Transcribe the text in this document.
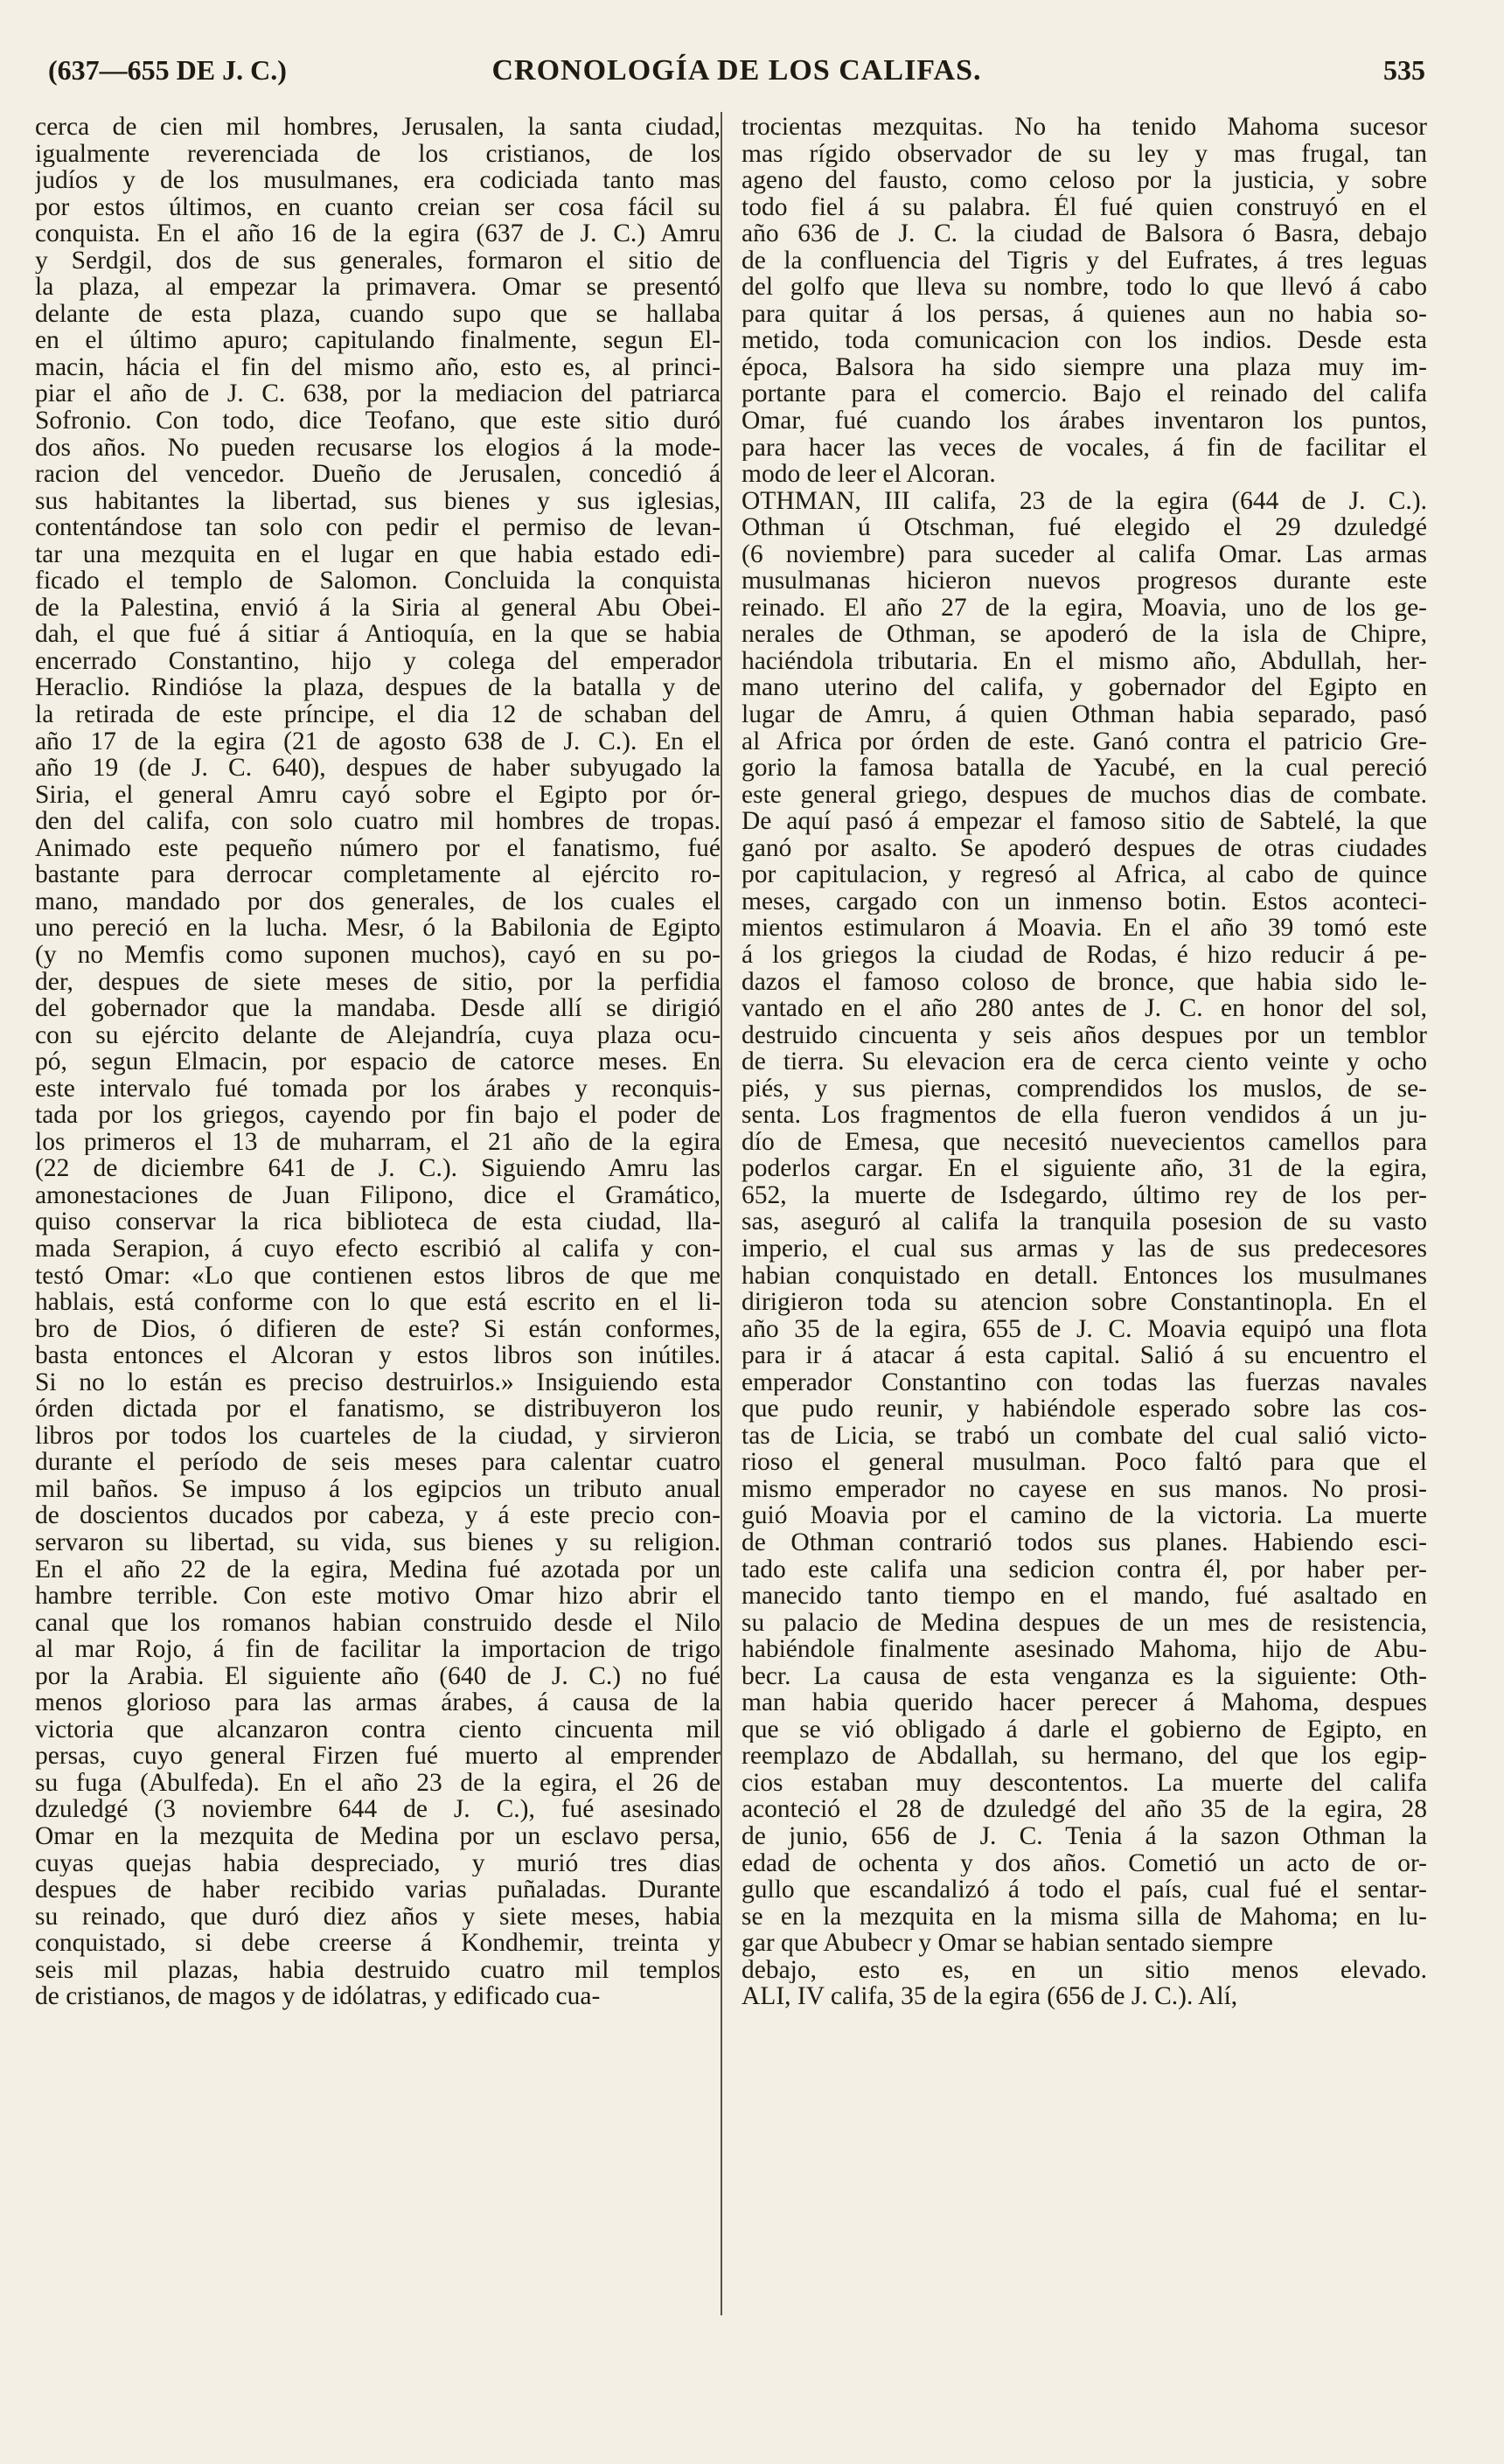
(637—655 DE J. C.)	CRONOLOGÍA DE LOS CALIFAS.	535
cerca de cien mil hombres, Jerusalen, la santa ciudad,
igualmente reverenciada de los cristianos, de los
judíos y de los musulmanes, era codiciada tanto mas
por estos últimos, en cuanto creian ser cosa fácil su
conquista. En el año 16 de la egira (637 de J. C.) Amru
y Serdgil, dos de sus generales, formaron el sitio de
la plaza, al empezar la primavera. Omar se presentó
delante de esta plaza, cuando supo que se hallaba
en el último apuro; capitulando finalmente, segun El-
macin, hácia el fin del mismo año, esto es, al princi-
piar el año de J. C. 638, por la mediacion del patriarca
Sofronio. Con todo, dice Teofano, que este sitio duró
dos años. No pueden recusarse los elogios á la mode-
racion del vencedor. Dueño de Jerusalen, concedió á
sus habitantes la libertad, sus bienes y sus iglesias,
contentándose tan solo con pedir el permiso de levan-
tar una mezquita en el lugar en que habia estado edi-
ficado el templo de Salomon. Concluida la conquista
de la Palestina, envió á la Siria al general Abu Obei-
dah, el que fué á sitiar á Antioquía, en la que se habia
encerrado Constantino, hijo y colega del emperador
Heraclio. Rindióse la plaza, despues de la batalla y de
la retirada de este príncipe, el dia 12 de schaban del
año 17 de la egira (21 de agosto 638 de J. C.). En el
año 19 (de J. C. 640), despues de haber subyugado la
Siria, el general Amru cayó sobre el Egipto por ór-
den del califa, con solo cuatro mil hombres de tropas.
Animado este pequeño número por el fanatismo, fué
bastante para derrocar completamente al ejército ro-
mano, mandado por dos generales, de los cuales el
uno pereció en la lucha. Mesr, ó la Babilonia de Egipto
(y no Memfis como suponen muchos), cayó en su po-
der, despues de siete meses de sitio, por la perfidia
del gobernador que la mandaba. Desde allí se dirigió
con su ejército delante de Alejandría, cuya plaza ocu-
pó, segun Elmacin, por espacio de catorce meses. En
este intervalo fué tomada por los árabes y reconquis-
tada por los griegos, cayendo por fin bajo el poder de
los primeros el 13 de muharram, el 21 año de la egira
(22 de diciembre 641 de J. C.). Siguiendo Amru las
amonestaciones de Juan Filipono, dice el Gramático,
quiso conservar la rica biblioteca de esta ciudad, lla-
mada Serapion, á cuyo efecto escribió al califa y con-
testó Omar: «Lo que contienen estos libros de que me
hablais, está conforme con lo que está escrito en el li-
bro de Dios, ó difieren de este? Si están conformes,
basta entonces el Alcoran y estos libros son inútiles.
Si no lo están es preciso destruirlos.» Insiguiendo esta
órden dictada por el fanatismo, se distribuyeron los
libros por todos los cuarteles de la ciudad, y sirvieron
durante el período de seis meses para calentar cuatro
mil baños. Se impuso á los egipcios un tributo anual
de doscientos ducados por cabeza, y á este precio con-
servaron su libertad, su vida, sus bienes y su religion.
En el año 22 de la egira, Medina fué azotada por un
hambre terrible. Con este motivo Omar hizo abrir el
canal que los romanos habian construido desde el Nilo
al mar Rojo, á fin de facilitar la importacion de trigo
por la Arabia. El siguiente año (640 de J. C.) no fué
menos glorioso para las armas árabes, á causa de la
victoria que alcanzaron contra ciento cincuenta mil
persas, cuyo general Firzen fué muerto al emprender
su fuga (Abulfeda). En el año 23 de la egira, el 26 de
dzuledgé (3 noviembre 644 de J. C.), fué asesinado
Omar en la mezquita de Medina por un esclavo persa,
cuyas quejas habia despreciado, y murió tres dias
despues de haber recibido varias puñaladas. Durante
su reinado, que duró diez años y siete meses, habia
conquistado, si debe creerse á Kondhemir, treinta y
seis mil plazas, habia destruido cuatro mil templos
de cristianos, de magos y de idólatras, y edificado cua-
trocientas mezquitas. No ha tenido Mahoma sucesor
mas rígido observador de su ley y mas frugal, tan
ageno del fausto, como celoso por la justicia, y sobre
todo fiel á su palabra. Él fué quien construyó en el
año 636 de J. C. la ciudad de Balsora ó Basra, debajo
de la confluencia del Tigris y del Eufrates, á tres leguas
del golfo que lleva su nombre, todo lo que llevó á cabo
para quitar á los persas, á quienes aun no habia so-
metido, toda comunicacion con los indios. Desde esta
época, Balsora ha sido siempre una plaza muy im-
portante para el comercio. Bajo el reinado del califa
Omar, fué cuando los árabes inventaron los puntos,
para hacer las veces de vocales, á fin de facilitar el
modo de leer el Alcoran.
OTHMAN, III califa, 23 de la egira (644 de J. C.).
Othman ú Otschman, fué elegido el 29 dzuledgé
(6 noviembre) para suceder al califa Omar. Las armas
musulmanas hicieron nuevos progresos durante este
reinado. El año 27 de la egira, Moavia, uno de los ge-
nerales de Othman, se apoderó de la isla de Chipre,
haciéndola tributaria. En el mismo año, Abdullah, her-
mano uterino del califa, y gobernador del Egipto en
lugar de Amru, á quien Othman habia separado, pasó
al Africa por órden de este. Ganó contra el patricio Gre-
gorio la famosa batalla de Yacubé, en la cual pereció
este general griego, despues de muchos dias de combate.
De aquí pasó á empezar el famoso sitio de Sabtelé, la que
ganó por asalto. Se apoderó despues de otras ciudades
por capitulacion, y regresó al Africa, al cabo de quince
meses, cargado con un inmenso botin. Estos aconteci-
mientos estimularon á Moavia. En el año 39 tomó este
á los griegos la ciudad de Rodas, é hizo reducir á pe-
dazos el famoso coloso de bronce, que habia sido le-
vantado en el año 280 antes de J. C. en honor del sol,
destruido cincuenta y seis años despues por un temblor
de tierra. Su elevacion era de cerca ciento veinte y ocho
piés, y sus piernas, comprendidos los muslos, de se-
senta. Los fragmentos de ella fueron vendidos á un ju-
dío de Emesa, que necesitó nuevecientos camellos para
poderlos cargar. En el siguiente año, 31 de la egira,
652, la muerte de Isdegardo, último rey de los per-
sas, aseguró al califa la tranquila posesion de su vasto
imperio, el cual sus armas y las de sus predecesores
habian conquistado en detall. Entonces los musulmanes
dirigieron toda su atencion sobre Constantinopla. En el
año 35 de la egira, 655 de J. C. Moavia equipó una flota
para ir á atacar á esta capital. Salió á su encuentro el
emperador Constantino con todas las fuerzas navales
que pudo reunir, y habiéndole esperado sobre las cos-
tas de Licia, se trabó un combate del cual salió victo-
rioso el general musulman. Poco faltó para que el
mismo emperador no cayese en sus manos. No prosi-
guió Moavia por el camino de la victoria. La muerte
de Othman contrarió todos sus planes. Habiendo esci-
tado este califa una sedicion contra él, por haber per-
manecido tanto tiempo en el mando, fué asaltado en
su palacio de Medina despues de un mes de resistencia,
habiéndole finalmente asesinado Mahoma, hijo de Abu-
becr. La causa de esta venganza es la siguiente: Oth-
man habia querido hacer perecer á Mahoma, despues
que se vió obligado á darle el gobierno de Egipto, en
reemplazo de Abdallah, su hermano, del que los egip-
cios estaban muy descontentos. La muerte del califa
aconteció el 28 de dzuledgé del año 35 de la egira, 28
de junio, 656 de J. C. Tenia á la sazon Othman la
edad de ochenta y dos años. Cometió un acto de or-
gullo que escandalizó á todo el país, cual fué el sentar-
se en la mezquita en la misma silla de Mahoma; en lu-
gar que Abubecr y Omar se habian sentado siempre
debajo, esto es, en un sitio menos elevado.
ALI, IV califa, 35 de la egira (656 de J. C.). Alí,
